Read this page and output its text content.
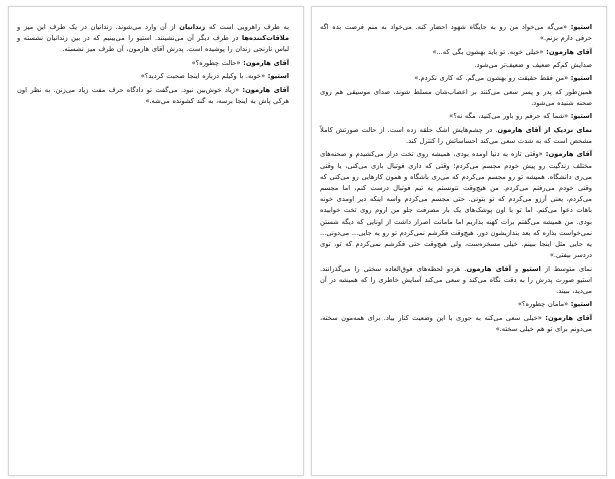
استیو: «می‌گه می‌خواد من رو به جایگاه شهود احضار کنه. می‌خواد به منم فرصت بده اگه حرفی دارم بزنم.»

آقای هارمون: «خیلی خوبه. تو باید بهشون بگی که...»

صدایش کم‌کم ضعیف و ضعیف‌تر می‌شود.

استیو: «من فقط حقیقت رو بهشون می‌گم. که کاری نکردم.»

همین‌طور که پدر و پسر سعی می‌کنند بر اعصاب‌شان مسلط شوند، صدای موسیقی هم روی صحنه شنیده می‌شود.

استیو: «شما که حرفم رو باور می‌کنید، مگه نه؟»

نمای نزدیک از آقای هارمون. در چشم‌هایش اشک حلقه زده است. از حالت صورتش کاملاً مشخص است که به شدت سعی می‌کند احساساتش را کنترل کند.

آقای هارمون: «وقتی تازه به دنیا اومده بودی، همیشه روی تخت دراز می‌کشیدم و صحنه‌های مختلف زندگیت رو پیش خودم مجسم می‌کردم؛ وقتی که داری فوتبال بازی می‌کنی، یا وقتی می‌ری دانشگاه. همیشه تو رو مجسم می‌کردم که می‌ری باشگاه و همون کارهایی رو می‌کنی که وقتی خودم می‌رفتم می‌کردم. من هیچ‌وقت نتونستم یه تیم فوتبال درست کنم، اما مجسم می‌کردم، یعنی آرزو می‌کردم که تو بتونی. حتی مجسم می‌کردم واسه اینکه دیر اومدی خونه باهات دعوا می‌کنم. اما تو با اون پوشک‌های یک بار مصرفت جلو من اروم روی تخت خوابیده بودی. من همیشه می‌گفتم برات کهنه بذاریم اما مامانت اصرار داشت از اونایی که دیگه شستن نمی‌خواست بذاره که بعد بندازیشون دور. هیچ‌وقت فکرشم نمی‌کردم تو رو یه جایی... می‌دونی... یه جایی مثل اینجا ببینم. خیلی مسخره‌ست، ولی هیچ‌وقت حتی فکرشم نمی‌کردم که تو، توی دردسر بیفتی.»

نمای متوسط از استیو و آقای هارمون. هردو لحظه‌های فوق‌العاده سختی را می‌گذرانند. استیو صورت پدرش را به دقت نگاه می‌کند و سعی می‌کند آسایش خاطری را که همیشه در آن می‌دید، ببیند.

استیو: «مامان چطوره؟»

آقای هارمون: «خیلی سعی می‌کنه به جوری با این وضعیت کنار بیاد. برای همه‌مون سخته، می‌دونم برای تو هم خیلی سخته.»

به طرف راهرویی است که زندانیان از آن وارد می‌شوند. زندانیان در یک طرف این میز و ملاقات‌کننده‌ها در طرف دیگر آن می‌نشینند. استیو را می‌بینیم که در بین زندانیان نشسته و لباس نارنجی زندان را پوشیده است. پدرش آقای هارمون، آن طرف میز نشسته.

آقای هارمون: «حالت چطوره؟»

استیو: «خوبه. با وکیلم درباره اینجا صحبت کردید؟»

آقای هارمون: «زیاد خوش‌بین نبود. می‌گفت تو دادگاه حرف مفت زیاد می‌زنن. به نظر اون هرکی پاش به اینجا برسه، به گند کشونده می‌شه.»
